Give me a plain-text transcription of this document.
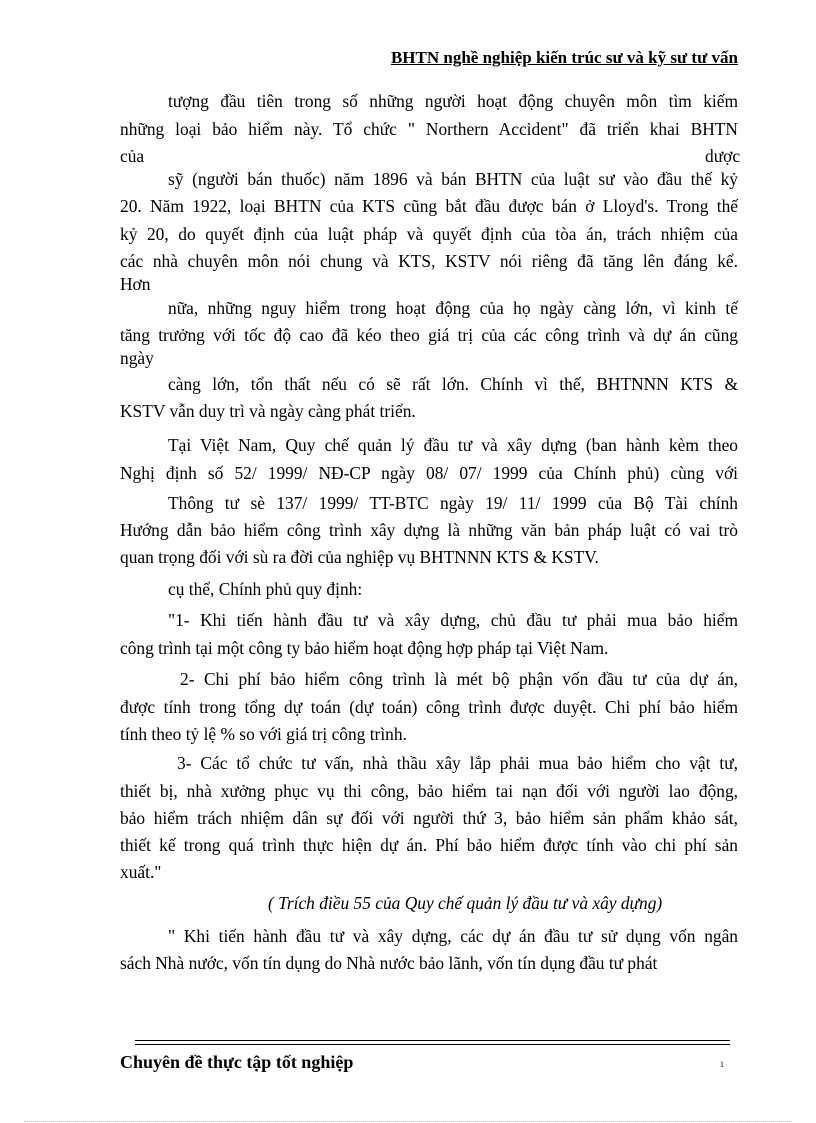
BHTN nghề nghiệp kiến trúc sư và kỹ sư tư vấn
tượng đầu tiên trong số những người hoạt động chuyên môn tìm kiếm
những loại bảo hiểm này. Tổ chức " Northern Accident" đã triển khai BHTN
của	dược
sỹ (người bán thuốc) năm 1896 và bán BHTN của luật sư vào đầu thế kỷ
20. Năm 1922, loại BHTN của KTS cũng bắt đầu được bán ở Lloyd's. Trong thế
kỷ 20, do quyết định của luật pháp và quyết định của tòa án, trách nhiệm của
các nhà chuyên môn nói chung và KTS, KSTV nói riêng đã tăng lên đáng kể.
Hơn
nữa, những nguy hiểm trong hoạt động của họ ngày càng lớn, vì kinh tế
tăng trưởng với tốc độ cao đã kéo theo giá trị của các công trình và dự án cũng
ngày
càng lớn, tổn thất nếu có sẽ rất lớn. Chính vì thế, BHTNNN KTS &
KSTV vẫn duy trì và ngày càng phát triển.
Tại Việt Nam, Quy chế quản lý đầu tư và xây dựng (ban hành kèm theo
Nghị định số 52/ 1999/ NĐ-CP ngày 08/ 07/ 1999 của Chính phủ) cùng với
Thông tư sè 137/ 1999/ TT-BTC ngày 19/ 11/ 1999 của Bộ Tài chính
Hướng dẫn bảo hiểm công trình xây dựng là những văn bản pháp luật có vai trò
quan trọng đối với sù ra đời của nghiệp vụ BHTNNN KTS & KSTV.
cụ thể, Chính phủ quy định:
"1- Khi tiến hành đầu tư và xây dựng, chủ đầu tư phải mua bảo hiểm
công trình tại một công ty bảo hiểm hoạt động hợp pháp tại Việt Nam.
2- Chi phí bảo hiểm công trình là mét bộ phận vốn đầu tư của dự án,
được tính trong tổng dự toán (dự toán) công trình được duyệt. Chi phí bảo hiểm
tính theo tỷ lệ % so với giá trị công trình.
3- Các tổ chức tư vấn, nhà thầu xây lắp phải mua bảo hiểm cho vật tư,
thiết bị, nhà xưởng phục vụ thi công, bảo hiểm tai nạn đối với người lao động,
bảo hiểm trách nhiệm dân sự đối với người thứ 3, bảo hiểm sản phẩm khảo sát,
thiết kế trong quá trình thực hiện dự án. Phí bảo hiểm được tính vào chi phí sản
xuất."
( Trích điều 55 của Quy chế quản lý đầu tư và xây dựng)
" Khi tiến hành đầu tư và xây dựng, các dự án đầu tư sử dụng vốn ngân
sách Nhà nước, vốn tín dụng do Nhà nước bảo lãnh, vốn tín dụng đầu tư phát
Chuyên đề thực tập tốt nghiệp	1
